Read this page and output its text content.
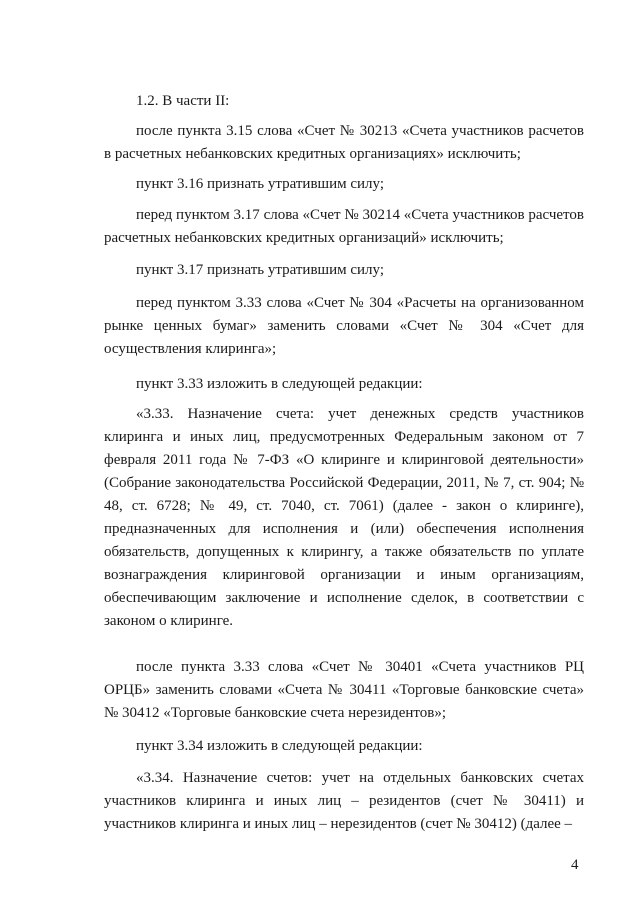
1.2. В части II:
после пункта 3.15 слова «Счет № 30213 «Счета участников расчетов в расчетных небанковских кредитных организациях» исключить;
пункт 3.16 признать утратившим силу;
перед пунктом 3.17 слова «Счет № 30214 «Счета участников расчетов расчетных небанковских кредитных организаций» исключить;
пункт 3.17 признать утратившим силу;
перед пунктом 3.33 слова «Счет № 304 «Расчеты на организованном рынке ценных бумаг» заменить словами «Счет № 304 «Счет для осуществления клиринга»;
пункт 3.33 изложить в следующей редакции:
«3.33. Назначение счета: учет денежных средств участников клиринга и иных лиц, предусмотренных Федеральным законом от 7 февраля 2011 года № 7-ФЗ «О клиринге и клиринговой деятельности» (Собрание законодательства Российской Федерации, 2011, № 7, ст. 904; № 48, ст. 6728; № 49, ст. 7040, ст. 7061) (далее - закон о клиринге), предназначенных для исполнения и (или) обеспечения исполнения обязательств, допущенных к клирингу, а также обязательств по уплате вознаграждения клиринговой организации и иным организациям, обеспечивающим заключение и исполнение сделок, в соответствии с законом о клиринге.
после пункта 3.33 слова «Счет № 30401 «Счета участников РЦ ОРЦБ» заменить словами «Счета № 30411 «Торговые банковские счета» № 30412 «Торговые банковские счета нерезидентов»;
пункт 3.34 изложить в следующей редакции:
«3.34. Назначение счетов: учет на отдельных банковских счетах участников клиринга и иных лиц – резидентов (счет № 30411) и участников клиринга и иных лиц – нерезидентов (счет № 30412) (далее –
4
